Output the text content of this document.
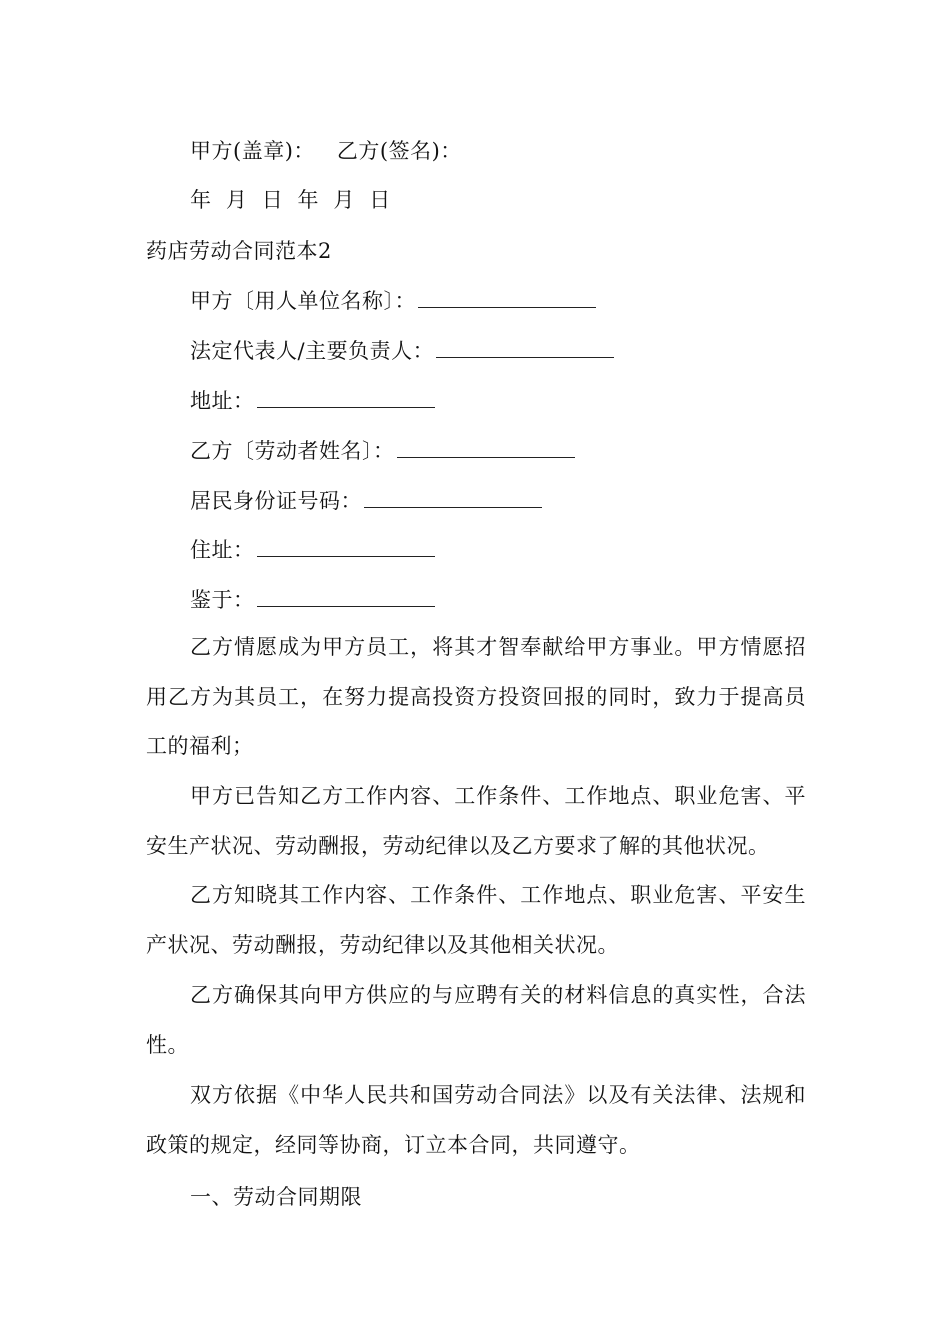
甲方(盖章)： 乙方(签名)：
年  月  日  年  月  日
药店劳动合同范本2
甲方〔用人单位名称〕：
法定代表人/主要负责人：
地址：
乙方〔劳动者姓名〕：
居民身份证号码：
住址：
鉴于：
乙方情愿成为甲方员工，将其才智奉献给甲方事业。甲方情愿招用乙方为其员工，在努力提高投资方投资回报的同时，致力于提高员工的福利；
甲方已告知乙方工作内容、工作条件、工作地点、职业危害、平安生产状况、劳动酬报，劳动纪律以及乙方要求了解的其他状况。
乙方知晓其工作内容、工作条件、工作地点、职业危害、平安生产状况、劳动酬报，劳动纪律以及其他相关状况。
乙方确保其向甲方供应的与应聘有关的材料信息的真实性，合法性。
双方依据《中华人民共和国劳动合同法》以及有关法律、法规和政策的规定，经同等协商，订立本合同，共同遵守。
一、劳动合同期限
